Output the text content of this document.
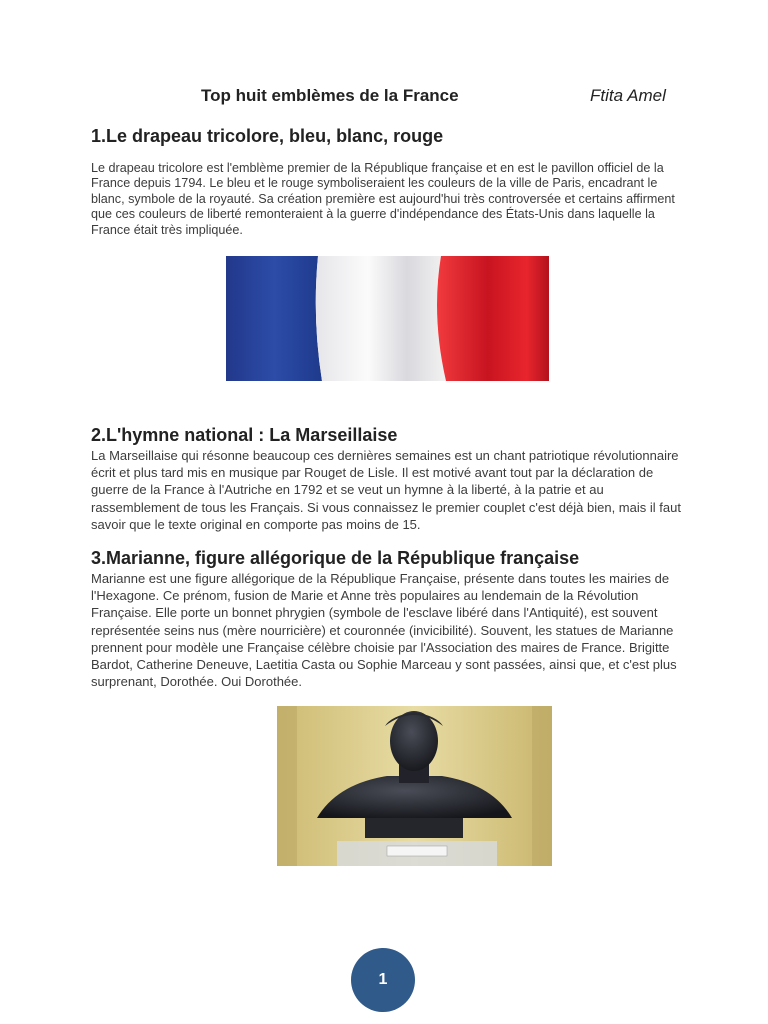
Top huit emblèmes de la France	Ftita Amel
1.Le drapeau tricolore, bleu, blanc, rouge

Le drapeau tricolore est l'emblème premier de la République française et en est le pavillon officiel de la France depuis 1794. Le bleu et le rouge symboliseraient les couleurs de la ville de Paris, encadrant le blanc, symbole de la royauté. Sa création première est aujourd'hui très controversée et certains affirment que ces couleurs de liberté remonteraient à la guerre d'indépendance des États-Unis dans laquelle la France était très impliquée.

2.L'hymne national : La Marseillaise

La Marseillaise qui résonne beaucoup ces dernières semaines est un chant patriotique révolutionnaire écrit et plus tard mis en musique par Rouget de Lisle. Il est motivé avant tout par la déclaration de guerre de la France à l'Autriche en 1792 et se veut un hymne à la liberté, à la patrie et au rassemblement de tous les Français. Si vous connaissez le premier couplet c'est déjà bien, mais il faut savoir que le texte original en comporte pas moins de 15.

3.Marianne, figure allégorique de la République française

Marianne est une figure allégorique de la République Française, présente dans toutes les mairies de l'Hexagone. Ce prénom, fusion de Marie et Anne très populaires au lendemain de la Révolution Française. Elle porte un bonnet phrygien (symbole de l'esclave libéré dans l'Antiquité), est souvent représentée seins nus (mère nourricière) et couronnée (invicibilité). Souvent, les statues de Marianne prennent pour modèle une Française célèbre choisie par l'Association des maires de France. Brigitte Bardot, Catherine Deneuve, Laetitia Casta ou Sophie Marceau y sont passées, ainsi que, et c'est plus surprenant, Dorothée. Oui Dorothée.

1
